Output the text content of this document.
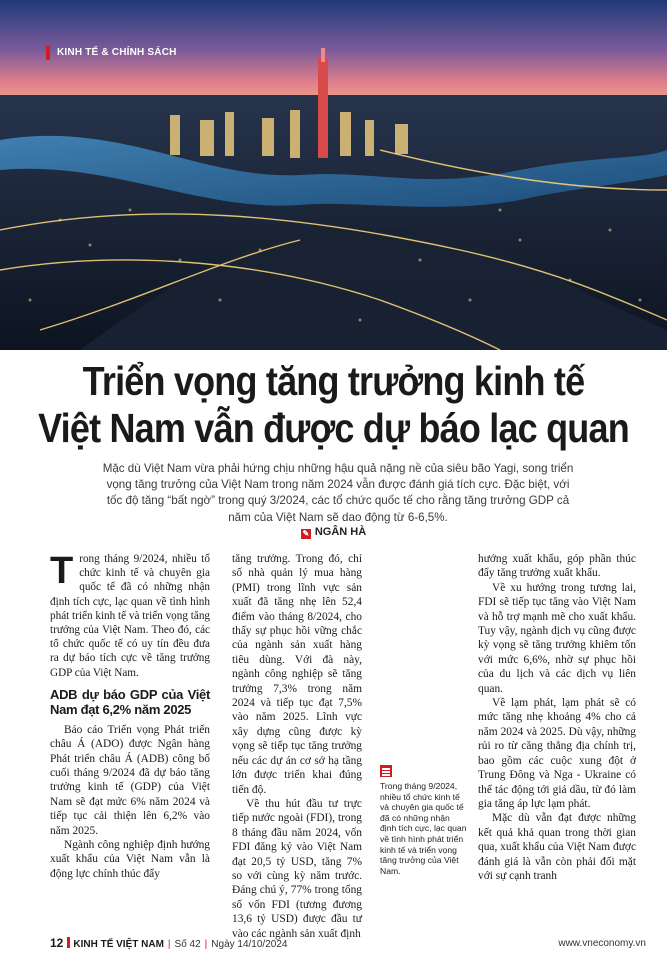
KINH TẾ & CHÍNH SÁCH
Triển vọng tăng trưởng kinh tế
Việt Nam vẫn được dự báo lạc quan

Mặc dù Việt Nam vừa phải hứng chịu những hậu quả nặng nề của siêu bão Yagi, song triển vọng tăng trưởng của Việt Nam trong năm 2024 vẫn được đánh giá tích cực. Đặc biệt, với tốc độ tăng “bất ngờ” trong quý 3/2024, các tổ chức quốc tế cho rằng tăng trưởng GDP cả năm của Việt Nam sẽ dao động từ 6-6,5%.

✎ NGÂN HÀ
T rong tháng 9/2024, nhiều tổ chức kinh tế và chuyên gia quốc tế đã có những nhận định tích cực, lạc quan về tình hình phát triển kinh tế và triển vọng tăng trưởng của Việt Nam. Theo đó, các tổ chức quốc tế có uy tín đều đưa ra dự báo tích cực về tăng trưởng GDP của Việt Nam.

ADB dự báo GDP của Việt Nam đạt 6,2% năm 2025

Báo cáo Triển vọng Phát triển châu Á (ADO) được Ngân hàng Phát triển châu Á (ADB) công bố cuối tháng 9/2024 đã dự báo tăng trưởng kinh tế (GDP) của Việt Nam sẽ đạt mức 6% năm 2024 và tiếp tục cải thiện lên 6,2% vào năm 2025.

Ngành công nghiệp định hướng xuất khẩu của Việt Nam vẫn là động lực chính thúc đẩy

tăng trưởng. Trong đó, chỉ số nhà quản lý mua hàng (PMI) trong lĩnh vực sản xuất đã tăng nhẹ lên 52,4 điểm vào tháng 8/2024, cho thấy sự phục hồi vững chắc của ngành sản xuất hàng tiêu dùng. Với đà này, ngành công nghiệp sẽ tăng trưởng 7,3% trong năm 2024 và tiếp tục đạt 7,5% vào năm 2025. Lĩnh vực xây dựng cũng được kỳ vọng sẽ tiếp tục tăng trưởng nếu các dự án cơ sở hạ tầng lớn được triển khai đúng tiến độ.

Về thu hút đầu tư trực tiếp nước ngoài (FDI), trong 8 tháng đầu năm 2024, vốn FDI đăng ký vào Việt Nam đạt 20,5 tỷ USD, tăng 7% so với cùng kỳ năm trước. Đáng chú ý, 77% trong tổng số vốn FDI (tương đương 13,6 tỷ USD) được đầu tư vào các ngành sản xuất định

Trong tháng 9/2024, nhiều tổ chức kinh tế và chuyên gia quốc tế đã có những nhận định tích cực, lạc quan về tình hình phát triển kinh tế và triển vọng tăng trưởng của Việt Nam.

hướng xuất khẩu, góp phần thúc đẩy tăng trưởng xuất khẩu.

Về xu hướng trong tương lai, FDI sẽ tiếp tục tăng vào Việt Nam và hỗ trợ mạnh mẽ cho xuất khẩu. Tuy vậy, ngành dịch vụ cũng được kỳ vọng sẽ tăng trưởng khiêm tốn với mức 6,6%, nhờ sự phục hồi của du lịch và các dịch vụ liên quan.

Về lạm phát, lạm phát sẽ có mức tăng nhẹ khoảng 4% cho cả năm 2024 và 2025. Dù vậy, những rủi ro từ căng thẳng địa chính trị, bao gồm các cuộc xung đột ở Trung Đông và Nga - Ukraine có thể tác động tới giá dầu, từ đó làm gia tăng áp lực lạm phát.

Mặc dù vẫn đạt được những kết quả khả quan trong thời gian qua, xuất khẩu của Việt Nam được đánh giá là vẫn còn phải đối mặt với sự cạnh tranh

12 KINH TẾ VIỆT NAM | Số 42 | Ngày 14/10/2024	www.vneconomy.vn
